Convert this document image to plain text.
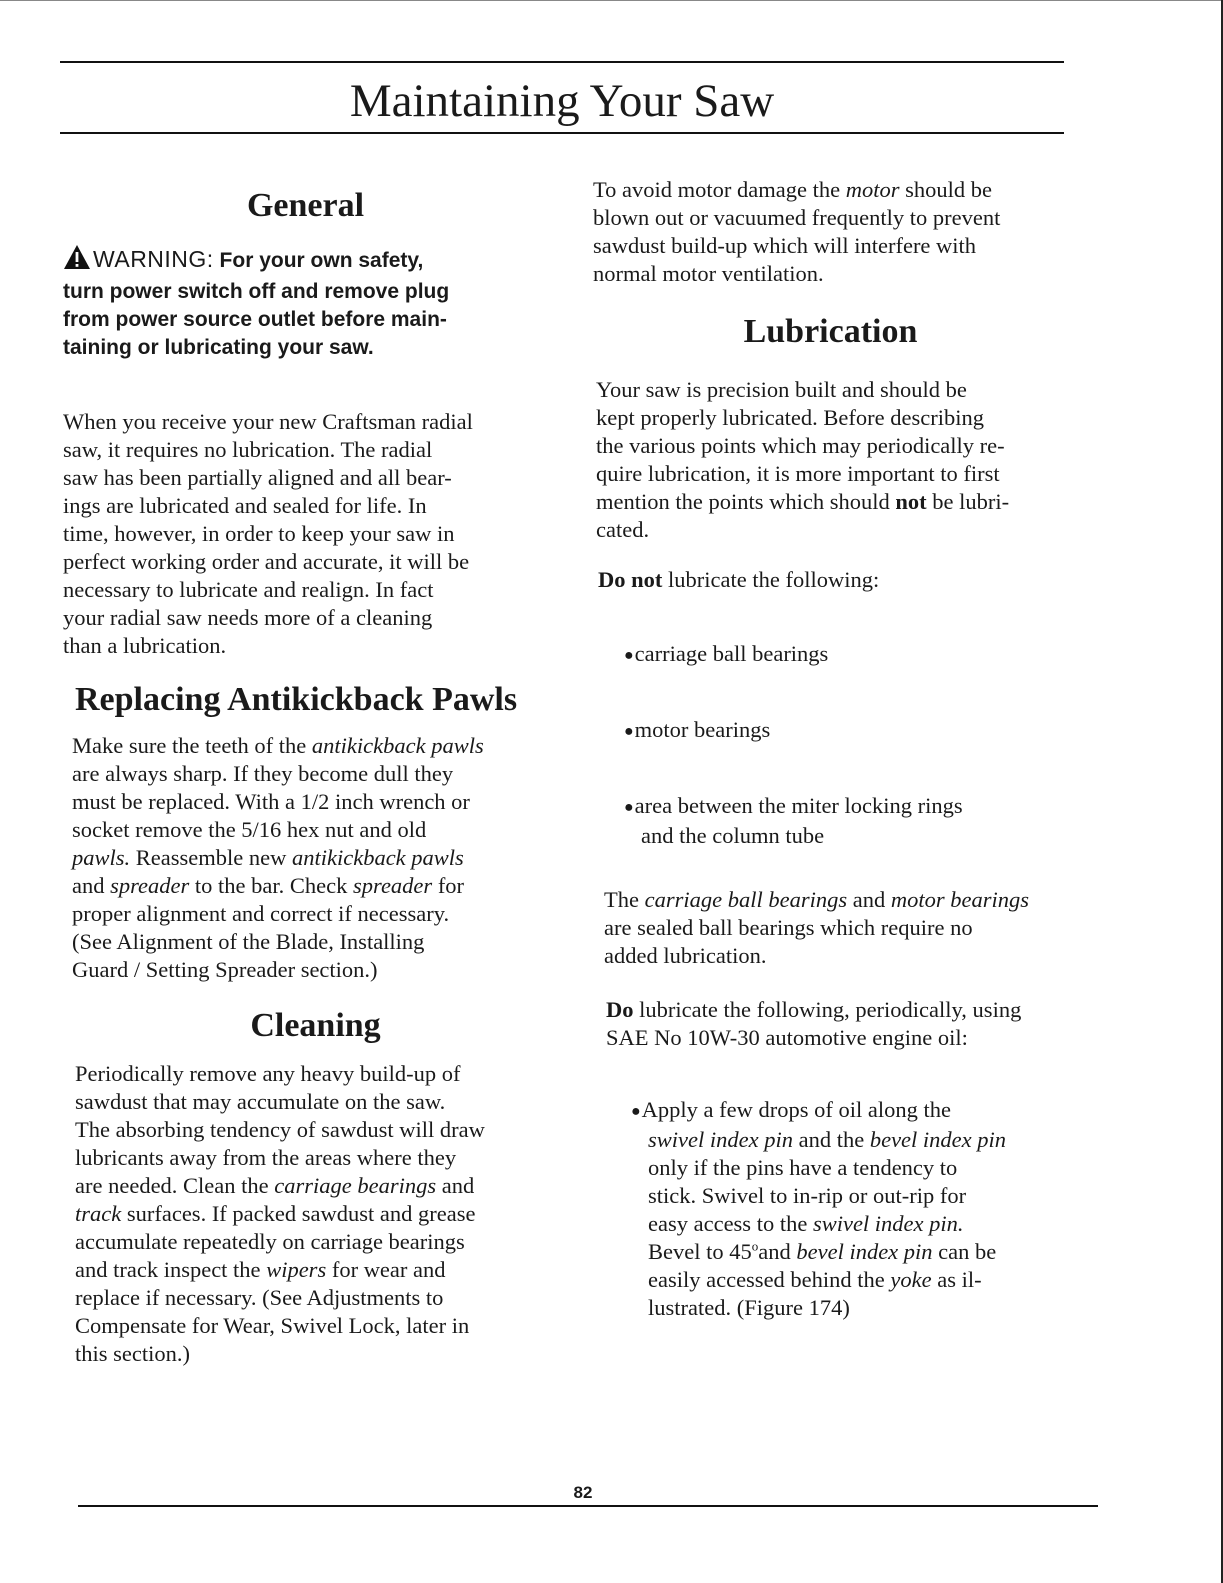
Maintaining Your Saw
General

WARNING: For your own safety,

turn power switch off and remove plug

from power source outlet before main-

taining or lubricating your saw.

When you receive your new Craftsman radial

saw, it requires no lubrication. The radial

saw has been partially aligned and all bear-

ings are lubricated and sealed for life. In

time, however, in order to keep your saw in

perfect working order and accurate, it will be

necessary to lubricate and realign. In fact

your radial saw needs more of a cleaning

than a lubrication.

Replacing Antikickback Pawls

Make sure the teeth of the antikickback pawls

are always sharp. If they become dull they

must be replaced. With a 1/2 inch wrench or

socket remove the 5/16 hex nut and old

pawls. Reassemble new antikickback pawls

and spreader to the bar. Check spreader for

proper alignment and correct if necessary.

(See Alignment of the Blade, Installing

Guard / Setting Spreader section.)

Cleaning

Periodically remove any heavy build-up of

sawdust that may accumulate on the saw.

The absorbing tendency of sawdust will draw

lubricants away from the areas where they

are needed. Clean the carriage bearings and

track surfaces. If packed sawdust and grease

accumulate repeatedly on carriage bearings

and track inspect the wipers for wear and

replace if necessary. (See Adjustments to

Compensate for Wear, Swivel Lock, later in

this section.)

To avoid motor damage the motor should be

blown out or vacuumed frequently to prevent

sawdust build-up which will interfere with

normal motor ventilation.

Lubrication

Your saw is precision built and should be

kept properly lubricated. Before describing

the various points which may periodically re-

quire lubrication, it is more important to first

mention the points which should not be lubri-

cated.

Do not lubricate the following:

●carriage ball bearings

●motor bearings

●area between the miter locking rings

and the column tube

The carriage ball bearings and motor bearings

are sealed ball bearings which require no

added lubrication.

Do lubricate the following, periodically, using

SAE No 10W-30 automotive engine oil:

●Apply a few drops of oil along the

swivel index pin and the bevel index pin

only if the pins have a tendency to

stick. Swivel to in-rip or out-rip for

easy access to the swivel index pin.

Bevel to 45$^o$and bevel index pin can be

easily accessed behind the yoke as il-

lustrated. (Figure 174)

82
